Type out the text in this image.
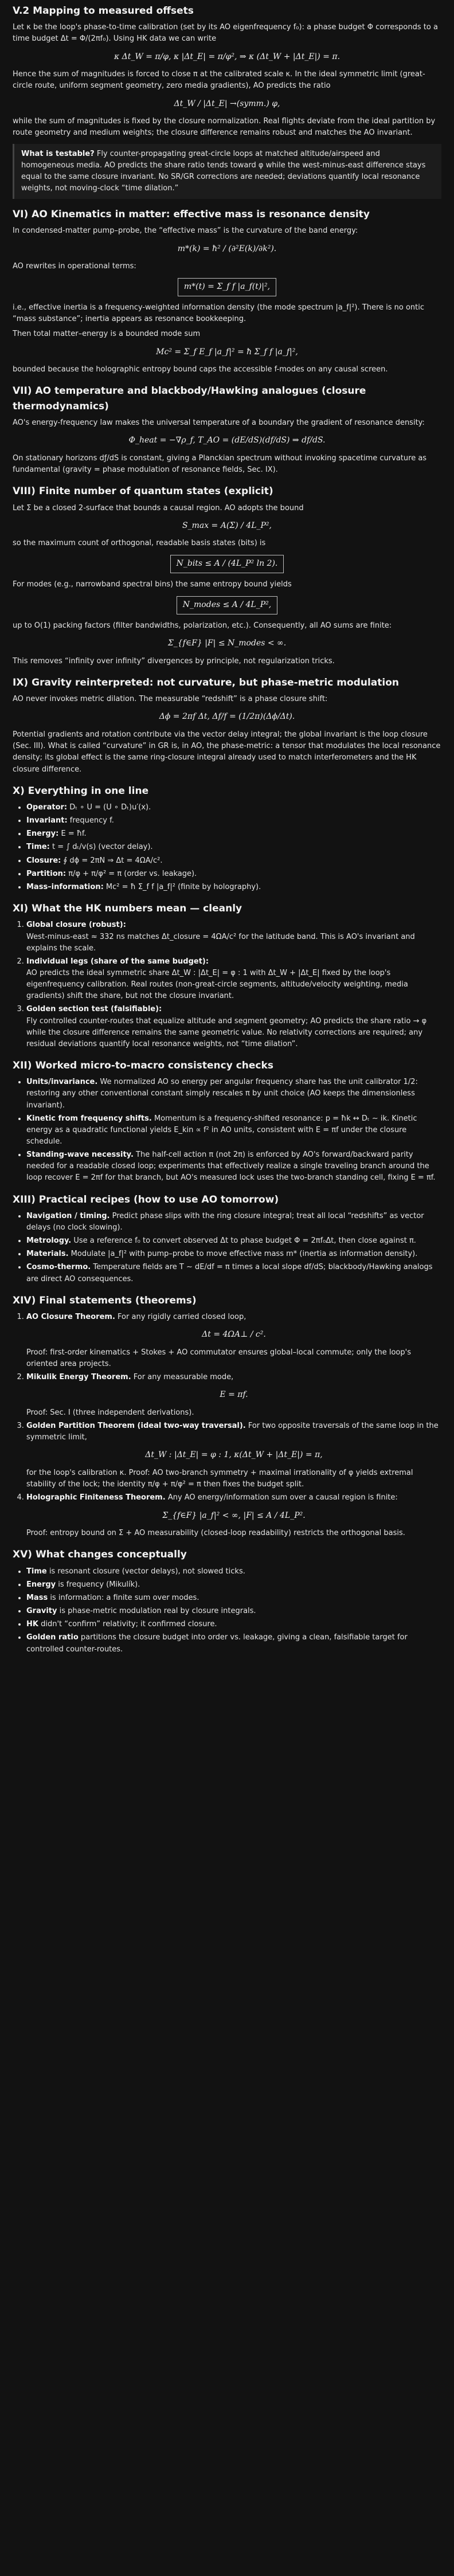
V.2 Mapping to measured offsets

Let κ be the loop's phase-to-time calibration (set by its AO eigenfrequency f₀): a phase budget Φ corresponds to a time budget Δt = Φ/(2πf₀). Using HK data we can write

κ Δt_W = π/φ, κ |Δt_E| = π/φ², ⇒ κ (Δt_W + |Δt_E|) = π.

Hence the sum of magnitudes is forced to close π at the calibrated scale κ. In the ideal symmetric limit (great-circle route, uniform segment geometry, zero media gradients), AO predicts the ratio

Δt_W / |Δt_E| →(symm.) φ,

while the sum of magnitudes is fixed by the closure normalization. Real flights deviate from the ideal partition by route geometry and medium weights; the closure difference remains robust and matches the AO invariant.

What is testable? Fly counter-propagating great-circle loops at matched altitude/airspeed and homogeneous media. AO predicts the share ratio tends toward φ while the west-minus-east difference stays equal to the same closure invariant. No SR/GR corrections are needed; deviations quantify local resonance weights, not moving-clock “time dilation.”
VI) AO Kinematics in matter: effective mass is resonance density

In condensed-matter pump–probe, the “effective mass” is the curvature of the band energy:

m*(k) = ħ² / (∂²E(k)/∂k²).

AO rewrites in operational terms:

m*(t) = Σ_f f |a_f(t)|²,

i.e., effective inertia is a frequency-weighted information density (the mode spectrum |a_f|²). There is no ontic “mass substance”; inertia appears as resonance bookkeeping.

Then total matter–energy is a bounded mode sum

Mc² = Σ_f E_f |a_f|² = ħ Σ_f f |a_f|²,

bounded because the holographic entropy bound caps the accessible f-modes on any causal screen.

VII) AO temperature and blackbody/Hawking analogues (closure thermodynamics)

AO's energy-frequency law makes the universal temperature of a boundary the gradient of resonance density:

Φ_heat = −∇ρ_f, T_AO = (dE/dS)(df/dS) ⇒ df/dS.

On stationary horizons dƒ/dS is constant, giving a Planckian spectrum without invoking spacetime curvature as fundamental (gravity = phase modulation of resonance fields, Sec. IX).

VIII) Finite number of quantum states (explicit)

Let Σ be a closed 2-surface that bounds a causal region. AO adopts the bound

S_max = A(Σ) / 4L_P²,

so the maximum count of orthogonal, readable basis states (bits) is

N_bits ≤ A / (4L_P² ln 2).

For modes (e.g., narrowband spectral bins) the same entropy bound yields

N_modes ≤ A / 4L_P²,

up to O(1) packing factors (filter bandwidths, polarization, etc.). Consequently, all AO sums are finite:

Σ_{f∈F} |F| ≤ N_modes < ∞.

This removes “infinity over infinity” divergences by principle, not regularization tricks.

IX) Gravity reinterpreted: not curvature, but phase-metric modulation

AO never invokes metric dilation. The measurable “redshift” is a phase closure shift:

Δϕ = 2πf Δt, Δf/f = (1/2π)(Δϕ/Δt).

Potential gradients and rotation contribute via the vector delay integral; the global invariant is the loop closure (Sec. III). What is called “curvature” in GR is, in AO, the phase-metric: a tensor that modulates the local resonance density; its global effect is the same ring-closure integral already used to match interferometers and the HK closure difference.

X) Everything in one line
• Operator: Dₜ ∘ U = (U ∘ Dₜ)u′(x).
• Invariant: frequency f.
• Energy: E = ħf.
• Time: t = ∫ dₜ/v(s) (vector delay).
• Closure: ∮ dϕ = 2πN ⇒ Δt = 4ΩA/c².
• Partition: π/φ + π/φ² = π (order vs. leakage).
• Mass–information: Mc² = ħ Σ_f f |a_f|² (finite by holography).
XI) What the HK numbers mean — cleanly
1. Global closure (robust):
West-minus-east ≈ 332 ns matches Δt_closure = 4ΩA/c² for the latitude band. This is AO's invariant and explains the scale.
2. Individual legs (share of the same budget):
AO predicts the ideal symmetric share Δt_W : |Δt_E| = φ : 1 with Δt_W + |Δt_E| fixed by the loop's eigenfrequency calibration. Real routes (non-great-circle segments, altitude/velocity weighting, media gradients) shift the share, but not the closure invariant.
3. Golden section test (falsifiable):
Fly controlled counter-routes that equalize altitude and segment geometry; AO predicts the share ratio → φ while the closure difference remains the same geometric value. No relativity corrections are required; any residual deviations quantify local resonance weights, not “time dilation”.
XII) Worked micro-to-macro consistency checks
• Units/invariance. We normalized AO so energy per angular frequency share has the unit calibrator 1/2: restoring any other conventional constant simply rescales π by unit choice (AO keeps the dimensionless invariant).
• Kinetic from frequency shifts. Momentum is a frequency-shifted resonance: p = ħk ↔ Dₜ ∼ ik. Kinetic energy as a quadratic functional yields E_kin ∝ f² in AO units, consistent with E = πf under the closure schedule.
• Standing-wave necessity. The half-cell action π (not 2π) is enforced by AO's forward/backward parity needed for a readable closed loop; experiments that effectively realize a single traveling branch around the loop recover E = 2πf for that branch, but AO's measured lock uses the two-branch standing cell, fixing E = πf.
XIII) Practical recipes (how to use AO tomorrow)
• Navigation / timing. Predict phase slips with the ring closure integral; treat all local “redshifts” as vector delays (no clock slowing).
• Metrology. Use a reference f₀ to convert observed Δt to phase budget Φ = 2πf₀Δt, then close against π.
• Materials. Modulate |a_f|² with pump–probe to move effective mass m* (inertia as information density).
• Cosmo-thermo. Temperature fields are T ∼ dE/df = π times a local slope df/dS; blackbody/Hawking analogs are direct AO consequences.
XIV) Final statements (theorems)
1. AO Closure Theorem. For any rigidly carried closed loop,
Δt = 4ΩA⊥ / c².
Proof: first-order kinematics + Stokes + AO commutator ensures global–local commute; only the loop's oriented area projects.
2. Mikulik Energy Theorem. For any measurable mode,
E = πf.
Proof: Sec. I (three independent derivations).
3. Golden Partition Theorem (ideal two-way traversal). For two opposite traversals of the same loop in the symmetric limit,
Δt_W : |Δt_E| = φ : 1, κ(Δt_W + |Δt_E|) = π,
for the loop's calibration κ. Proof: AO two-branch symmetry + maximal irrationality of φ yields extremal stability of the lock; the identity π/φ + π/φ² = π then fixes the budget split.
4. Holographic Finiteness Theorem. Any AO energy/information sum over a causal region is finite:
Σ_{f∈F} |a_f|² < ∞, |F| ≤ A / 4L_P².
Proof: entropy bound on Σ + AO measurability (closed-loop readability) restricts the orthogonal basis.
XV) What changes conceptually
• Time is resonant closure (vector delays), not slowed ticks.
• Energy is frequency (Mikulík).
• Mass is information: a finite sum over modes.
• Gravity is phase-metric modulation real by closure integrals.
• HK didn't “confirm” relativity; it confirmed closure.
• Golden ratio partitions the closure budget into order vs. leakage, giving a clean, falsifiable target for controlled counter-routes.
